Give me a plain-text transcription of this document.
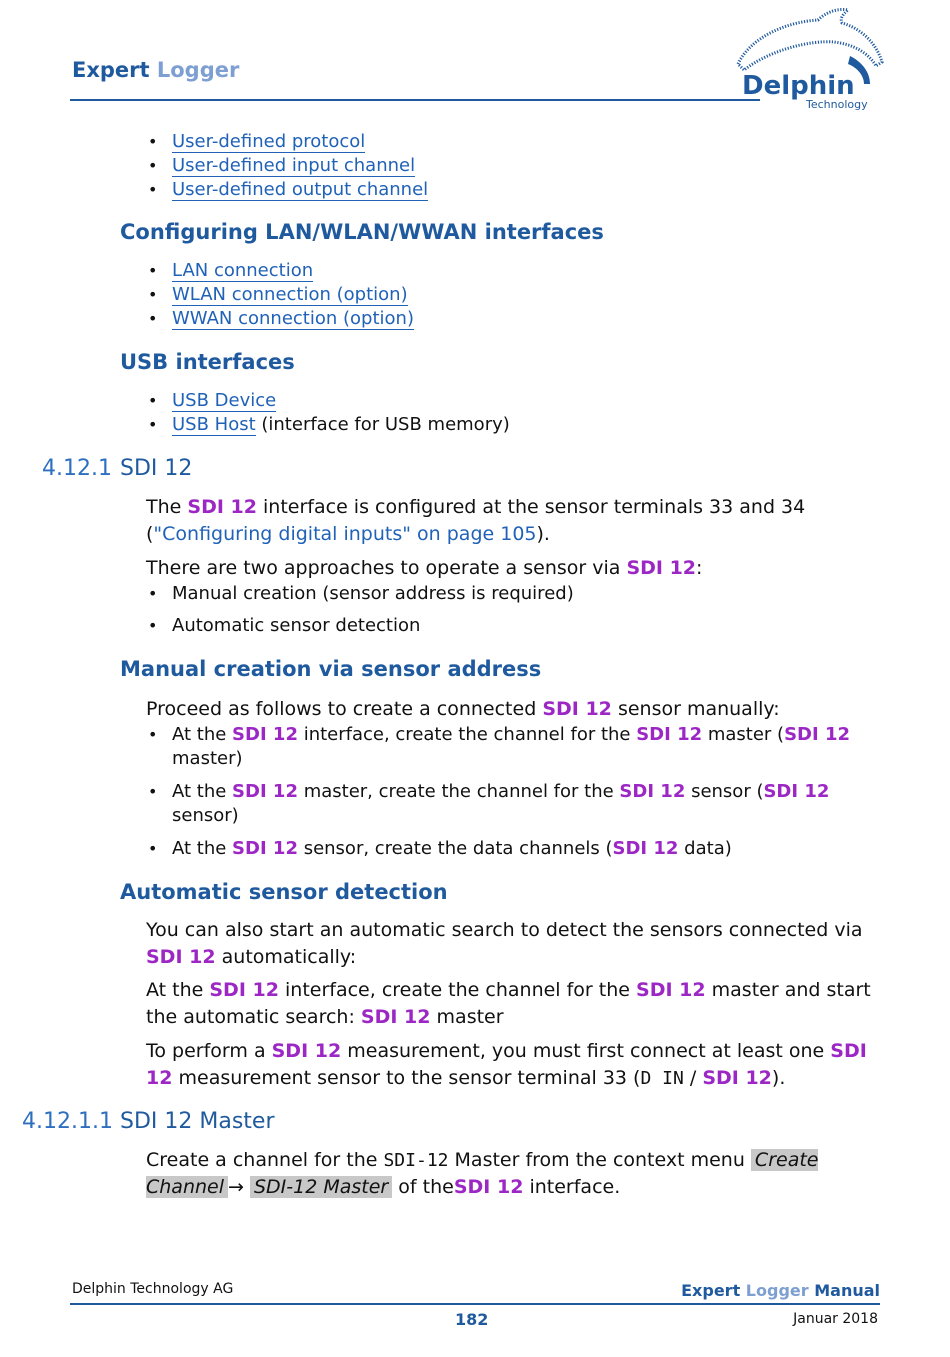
Expert Logger
Delphin
Technology
• User-defined protocol
• User-defined input channel
• User-defined output channel
Configuring LAN/WLAN/WWAN interfaces
• LAN connection
• WLAN connection (option)
• WWAN connection (option)
USB interfaces
• USB Device
• USB Host (interface for USB memory)
4.12.1 SDI 12
The SDI 12 interface is configured at the sensor terminals 33 and 34 ("Configuring digital inputs" on page 105).
There are two approaches to operate a sensor via SDI 12:
• Manual creation (sensor address is required)
• Automatic sensor detection
Manual creation via sensor address
Proceed as follows to create a connected SDI 12 sensor manually:
• At the SDI 12 interface, create the channel for the SDI 12 master (SDI 12 master)
• At the SDI 12 master, create the channel for the SDI 12 sensor (SDI 12 sensor)
• At the SDI 12 sensor, create the data channels (SDI 12 data)
Automatic sensor detection
You can also start an automatic search to detect the sensors connected via SDI 12 automatically:
At the SDI 12 interface, create the channel for the SDI 12 master and start the automatic search: SDI 12 master
To perform a SDI 12 measurement, you must first connect at least one SDI 12 measurement sensor to the sensor terminal 33 (D IN / SDI 12).
4.12.1.1 SDI 12 Master
Create a channel for the SDI-12 Master from the context menu Create Channel → SDI-12 Master of theSDI 12 interface.
Delphin Technology AG	Expert Logger Manual
182	Januar 2018
